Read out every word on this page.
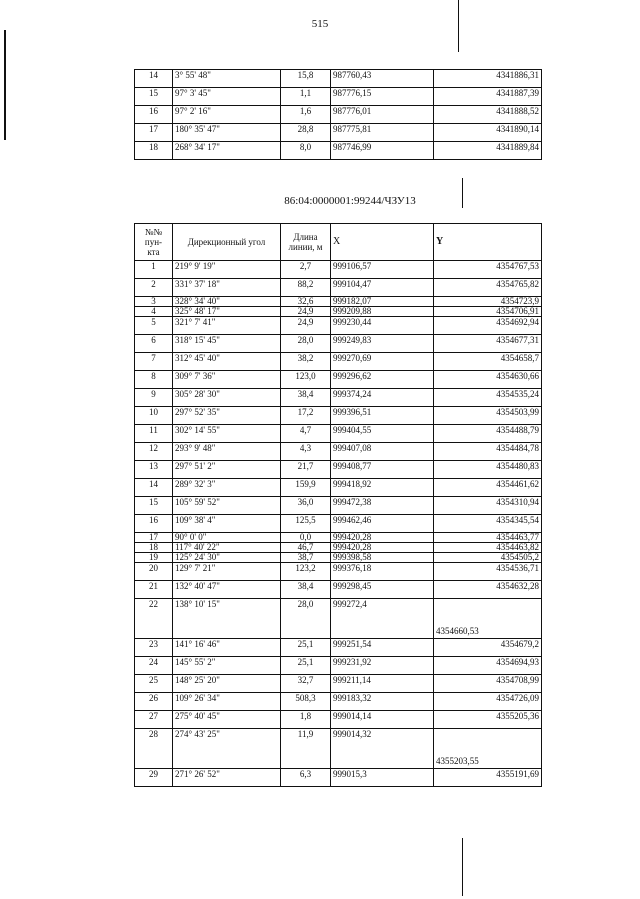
515
14	3° 55' 48"	15,8	987760,43	4341886,31
15	97° 3' 45"	1,1	987776,15	4341887,39
16	97° 2' 16"	1,6	987776,01	4341888,52
17	180° 35' 47"	28,8	987775,81	4341890,14
18	268° 34' 17"	8,0	987746,99	4341889,84
86:04:0000001:99244/ЧЗУ13
№№
пун-
кта	Дирекционный угол	Длина
линии, м	X	Y
1	219° 9' 19"	2,7	999106,57	4354767,53
2	331° 37' 18"	88,2	999104,47	4354765,82
3	328° 34' 40"	32,6	999182,07	4354723,9
4	325° 48' 17"	24,9	999209,88	4354706,91
5	321° 7' 41"	24,9	999230,44	4354692,94
6	318° 15' 45"	28,0	999249,83	4354677,31
7	312° 45' 40"	38,2	999270,69	4354658,7
8	309° 7' 36"	123,0	999296,62	4354630,66
9	305° 28' 30"	38,4	999374,24	4354535,24
10	297° 52' 35"	17,2	999396,51	4354503,99
11	302° 14' 55"	4,7	999404,55	4354488,79
12	293° 9' 48"	4,3	999407,08	4354484,78
13	297° 51' 2"	21,7	999408,77	4354480,83
14	289° 32' 3"	159,9	999418,92	4354461,62
15	105° 59' 52"	36,0	999472,38	4354310,94
16	109° 38' 4"	125,5	999462,46	4354345,54
17	90° 0' 0"	0,0	999420,28	4354463,77
18	117° 40' 22"	46,7	999420,28	4354463,82
19	125° 24' 30"	38,7	999398,58	4354505,2
20	129° 7' 21"	123,2	999376,18	4354536,71
21	132° 40' 47"	38,4	999298,45	4354632,28
22	138° 10' 15"	28,0	999272,4	4354660,53
23	141° 16' 46"	25,1	999251,54	4354679,2
24	145° 55' 2"	25,1	999231,92	4354694,93
25	148° 25' 20"	32,7	999211,14	4354708,99
26	109° 26' 34"	508,3	999183,32	4354726,09
27	275° 40' 45"	1,8	999014,14	4355205,36
28	274° 43' 25"	11,9	999014,32	4355203,55
29	271° 26' 52"	6,3	999015,3	4355191,69
